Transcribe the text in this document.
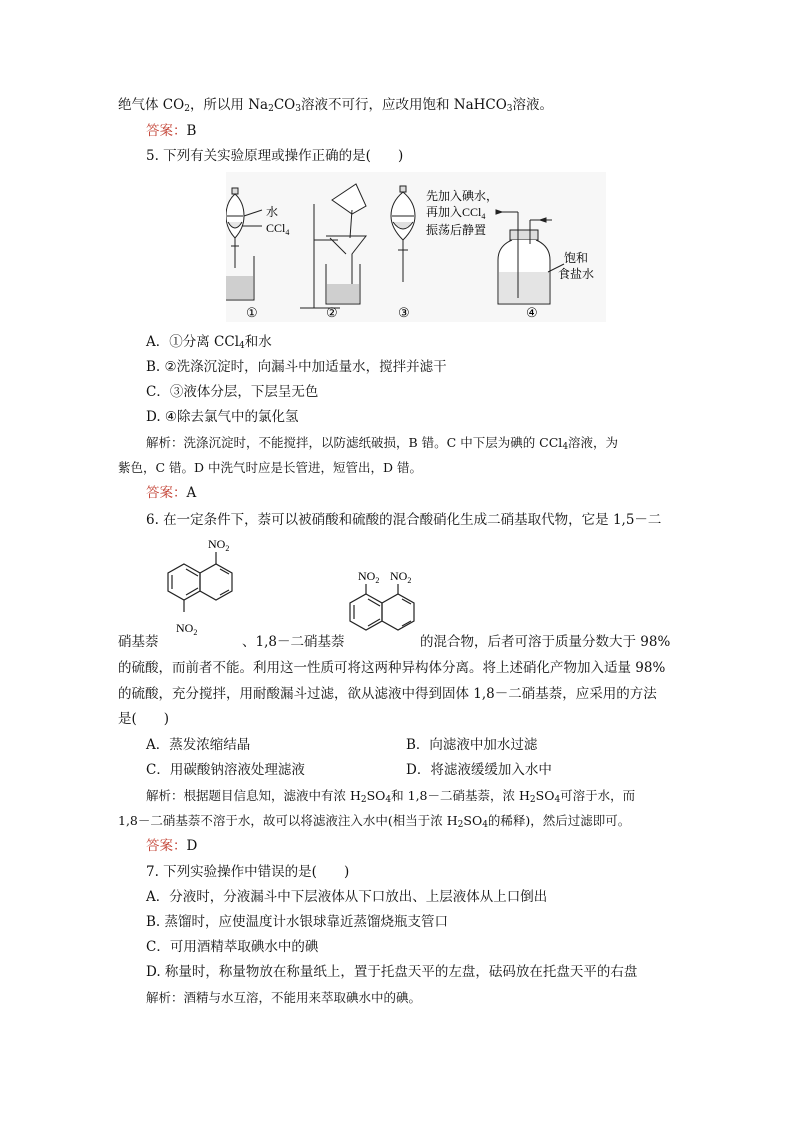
绝气体 $CO_2$，所以用 $Na_2CO_3$溶液不可行，应改用饱和 NaHCO$_3$溶液。
答案：B
5. 下列有关实验原理或操作正确的是(　　)
水
CCl$_4$
先加入碘水，
再加入CCl$_4$
振荡后静置
饱和
食盐水
①	②	③	④
A．①分离 CCl$_4$和水
B. ②洗涤沉淀时，向漏斗中加适量水，搅拌并滤干
C．③液体分层，下层呈无色
D. ④除去氯气中的氯化氢
解析：洗涤沉淀时，不能搅拌，以防滤纸破损，B 错。C 中下层为碘的 CCl$_4$溶液，为
紫色，C 错。D 中洗气时应是长管进，短管出，D 错。
答案：A
6. 在一定条件下，萘可以被硝酸和硫酸的混合酸硝化生成二硝基取代物，它是 1,5－二
$NO_2$
$NO_2$
$NO_2$ $NO_2$
硝基萘	、1,8－二硝基萘	的混合物，后者可溶于质量分数大于 98%
的硫酸，而前者不能。利用这一性质可将这两种异构体分离。将上述硝化产物加入适量 98%
的硫酸，充分搅拌，用耐酸漏斗过滤，欲从滤液中得到固体 1,8－二硝基萘，应采用的方法
是(　　)
A．蒸发浓缩结晶	B．向滤液中加水过滤
C．用碳酸钠溶液处理滤液	D．将滤液缓缓加入水中
解析：根据题目信息知，滤液中有浓 $H_2SO_4$和 1,8－二硝基萘，浓 $H_2SO_4$可溶于水，而
1,8－二硝基萘不溶于水，故可以将滤液注入水中(相当于浓 $H_2SO_4$的稀释)，然后过滤即可。
答案：D
7. 下列实验操作中错误的是(　　)
A．分液时，分液漏斗中下层液体从下口放出、上层液体从上口倒出
B. 蒸馏时，应使温度计水银球靠近蒸馏烧瓶支管口
C．可用酒精萃取碘水中的碘
D. 称量时，称量物放在称量纸上，置于托盘天平的左盘，砝码放在托盘天平的右盘
解析：酒精与水互溶，不能用来萃取碘水中的碘。
